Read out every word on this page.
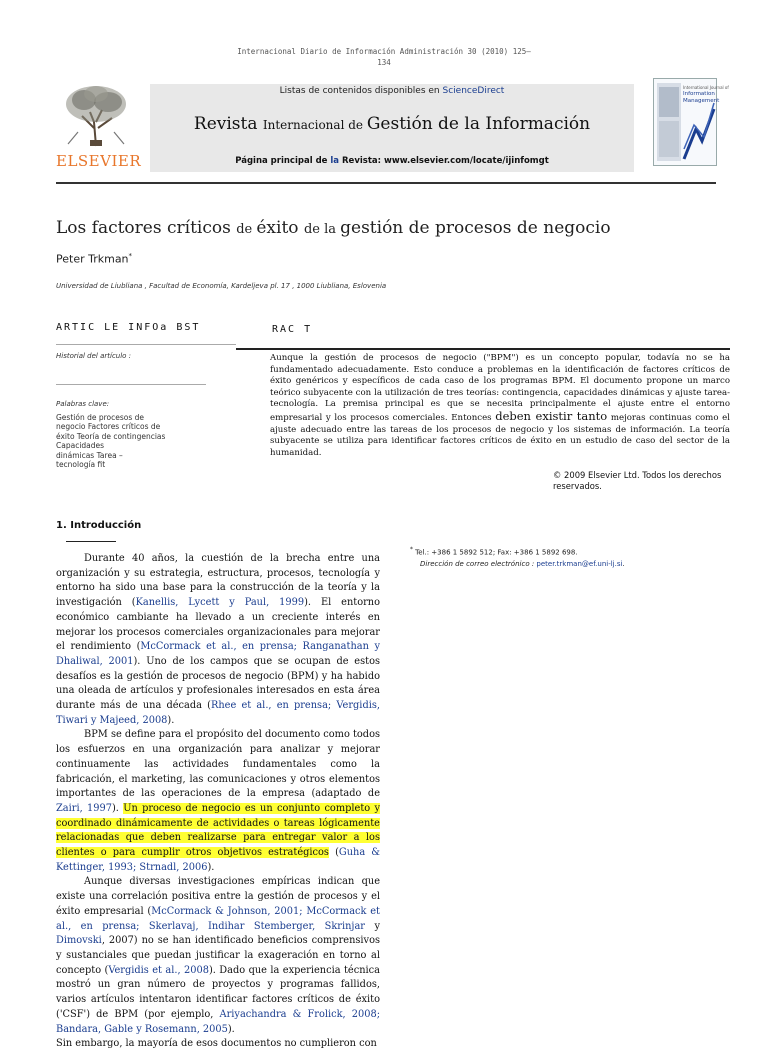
Internacional Diario de Información Administración 30 (2010) 125–
134
ELSEVIER
Listas de contenidos disponibles en ScienceDirect
Revista Internacional de Gestión de la Información
Página principal de la Revista: www.elsevier.com/locate/ijinfomgt
International Journal of
Information
Management
Los factores críticos de éxito de la gestión de procesos de negocio
Peter Trkman*
Universidad de Liubliana , Facultad de Economía, Kardeljeva pl. 17 , 1000 Liubliana, Eslovenia
ARTIC LE INFOa BST	RAC T
Historial del artículo :
Palabras clave:
Gestión de procesos de
negocio Factores críticos de
éxito Teoría de contingencias
Capacidades
dinámicas Tarea –
tecnología fit
Aunque la gestión de procesos de negocio ("BPM") es un concepto popular, todavía no se ha fundamentado adecuadamente. Esto conduce a problemas en la identificación de factores críticos de éxito genéricos y específicos de cada caso de los programas BPM. El documento propone un marco teórico subyacente con la utilización de tres teorías: contingencia, capacidades dinámicas y ajuste tarea-tecnología. La premisa principal es que se necesita principalmente el ajuste entre el entorno empresarial y los procesos comerciales. Entonces deben existir tanto mejoras continuas como el ajuste adecuado entre las tareas de los procesos de negocio y los sistemas de información. La teoría subyacente se utiliza para identificar factores críticos de éxito en un estudio de caso del sector de la humanidad.
© 2009 Elsevier Ltd. Todos los derechos reservados.
1. Introducción

Durante 40 años, la cuestión de la brecha entre una organización y su estrategia, estructura, procesos, tecnología y entorno ha sido una base para la construcción de la teoría y la investigación (Kanellis, Lycett y Paul, 1999). El entorno económico cambiante ha llevado a un creciente interés en mejorar los procesos comerciales organizacionales para mejorar el rendimiento (McCormack et al., en prensa; Ranganathan y Dhaliwal, 2001). Uno de los campos que se ocupan de estos desafíos es la gestión de procesos de negocio (BPM) y ha habido una oleada de artículos y profesionales interesados en esta área durante más de una década (Rhee et al., en prensa; Vergidis, Tiwari y Majeed, 2008).

BPM se define para el propósito del documento como todos los esfuerzos en una organización para analizar y mejorar continuamente las actividades fundamentales como la fabricación, el marketing, las comunicaciones y otros elementos importantes de las operaciones de la empresa (adaptado de Zairi, 1997). Un proceso de negocio es un conjunto completo y coordinado dinámicamente de actividades o tareas lógicamente relacionadas que deben realizarse para entregar valor a los clientes o para cumplir otros objetivos estratégicos (Guha & Kettinger, 1993; Strnadl, 2006).

Aunque diversas investigaciones empíricas indican que existe una correlación positiva entre la gestión de procesos y el éxito empresarial (McCormack & Johnson, 2001; McCormack et al., en prensa; Skerlavaj, Indihar Stemberger, Skrinjar y Dimovski, 2007) no se han identificado beneficios comprensivos y sustanciales que puedan justificar la exageración en torno al concepto (Vergidis et al., 2008). Dado que la experiencia técnica mostró un gran número de proyectos y programas fallidos, varios artículos intentaron identificar factores críticos de éxito ('CSF') de BPM (por ejemplo, Ariyachandra & Frolick, 2008; Bandara, Gable y Rosemann, 2005).

Sin embargo, la mayoría de esos documentos no cumplieron con

* Tel.: +386 1 5892 512; Fax: +386 1 5892 698.
Dirección de correo electrónico : peter.trkman@ef.uni-lj.si.
